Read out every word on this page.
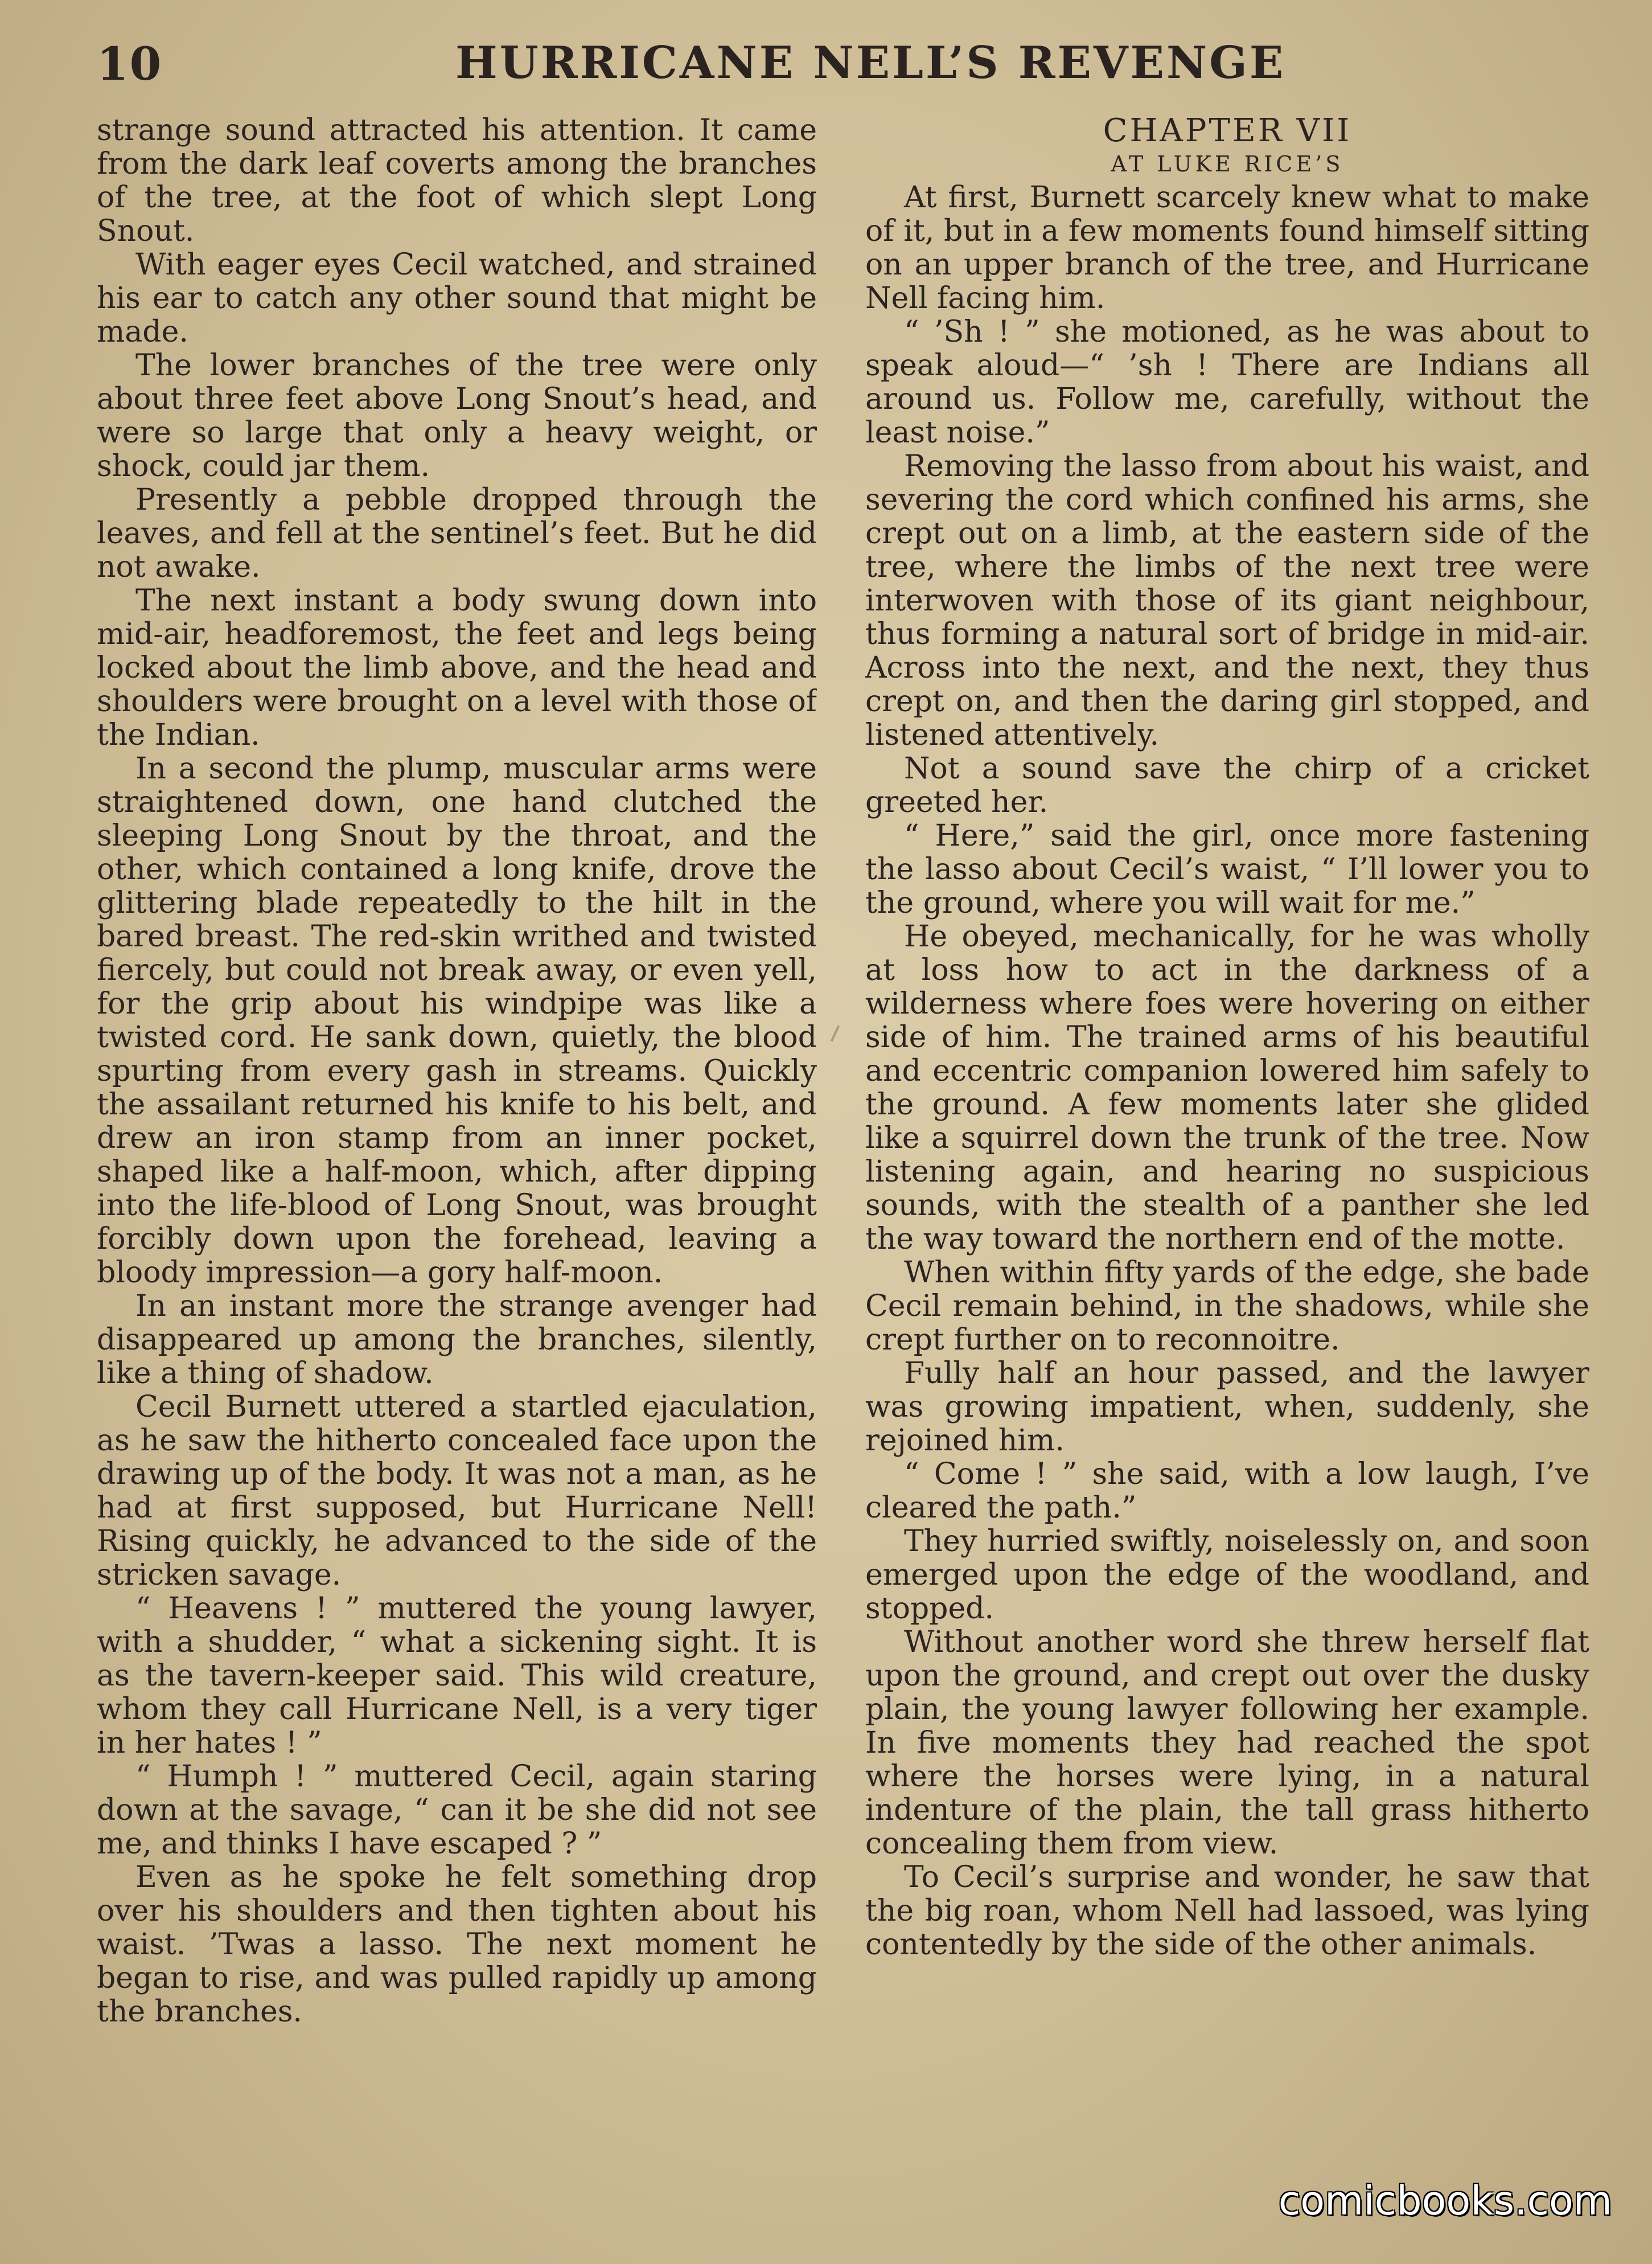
10	HURRICANE NELL’S REVENGE

strange sound attracted his attention. It came from the dark leaf coverts among the branches of the tree, at the foot of which slept Long Snout.

With eager eyes Cecil watched, and strained his ear to catch any other sound that might be made.

The lower branches of the tree were only about three feet above Long Snout’s head, and were so large that only a heavy weight, or shock, could jar them.

Presently a pebble dropped through the leaves, and fell at the sentinel’s feet. But he did not awake.

The next instant a body swung down into mid-air, headforemost, the feet and legs being locked about the limb above, and the head and shoulders were brought on a level with those of the Indian.

In a second the plump, muscular arms were straightened down, one hand clutched the sleeping Long Snout by the throat, and the other, which contained a long knife, drove the glittering blade repeatedly to the hilt in the bared breast. The red-skin writhed and twisted fiercely, but could not break away, or even yell, for the grip about his windpipe was like a twisted cord. He sank down, quietly, the blood spurting from every gash in streams. Quickly the assailant returned his knife to his belt, and drew an iron stamp from an inner pocket, shaped like a half-moon, which, after dipping into the life-blood of Long Snout, was brought forcibly down upon the forehead, leaving a bloody impression—a gory half-moon.

In an instant more the strange avenger had disappeared up among the branches, silently, like a thing of shadow.

Cecil Burnett uttered a startled ejaculation, as he saw the hitherto concealed face upon the drawing up of the body. It was not a man, as he had at first supposed, but Hurricane Nell! Rising quickly, he advanced to the side of the stricken savage.

“ Heavens ! ” muttered the young lawyer, with a shudder, “ what a sickening sight. It is as the tavern-keeper said. This wild creature, whom they call Hurricane Nell, is a very tiger in her hates ! ”

“ Humph ! ” muttered Cecil, again staring down at the savage, “ can it be she did not see me, and thinks I have escaped ? ”

Even as he spoke he felt something drop over his shoulders and then tighten about his waist. ’Twas a lasso. The next moment he began to rise, and was pulled rapidly up among the branches.

CHAPTER VII

AT LUKE RICE’S

At first, Burnett scarcely knew what to make of it, but in a few moments found himself sitting on an upper branch of the tree, and Hurricane Nell facing him.

“ ’Sh ! ” she motioned, as he was about to speak aloud—“ ’sh ! There are Indians all around us. Follow me, carefully, without the least noise.”

Removing the lasso from about his waist, and severing the cord which confined his arms, she crept out on a limb, at the eastern side of the tree, where the limbs of the next tree were interwoven with those of its giant neighbour, thus forming a natural sort of bridge in mid-air. Across into the next, and the next, they thus crept on, and then the daring girl stopped, and listened attentively.

Not a sound save the chirp of a cricket greeted her.

“ Here,” said the girl, once more fastening the lasso about Cecil’s waist, “ I’ll lower you to the ground, where you will wait for me.”

He obeyed, mechanically, for he was wholly at loss how to act in the darkness of a wilderness where foes were hovering on either side of him. The trained arms of his beautiful and eccentric companion lowered him safely to the ground. A few moments later she glided like a squirrel down the trunk of the tree. Now listening again, and hearing no suspicious sounds, with the stealth of a panther she led the way toward the northern end of the motte.

When within fifty yards of the edge, she bade Cecil remain behind, in the shadows, while she crept further on to reconnoitre.

Fully half an hour passed, and the lawyer was growing impatient, when, suddenly, she rejoined him.

“ Come ! ” she said, with a low laugh, I’ve cleared the path.”

They hurried swiftly, noiselessly on, and soon emerged upon the edge of the woodland, and stopped.

Without another word she threw herself flat upon the ground, and crept out over the dusky plain, the young lawyer following her example. In five moments they had reached the spot where the horses were lying, in a natural indenture of the plain, the tall grass hitherto concealing them from view.

To Cecil’s surprise and wonder, he saw that the big roan, whom Nell had lassoed, was lying contentedly by the side of the other animals.

comicbooks.com
